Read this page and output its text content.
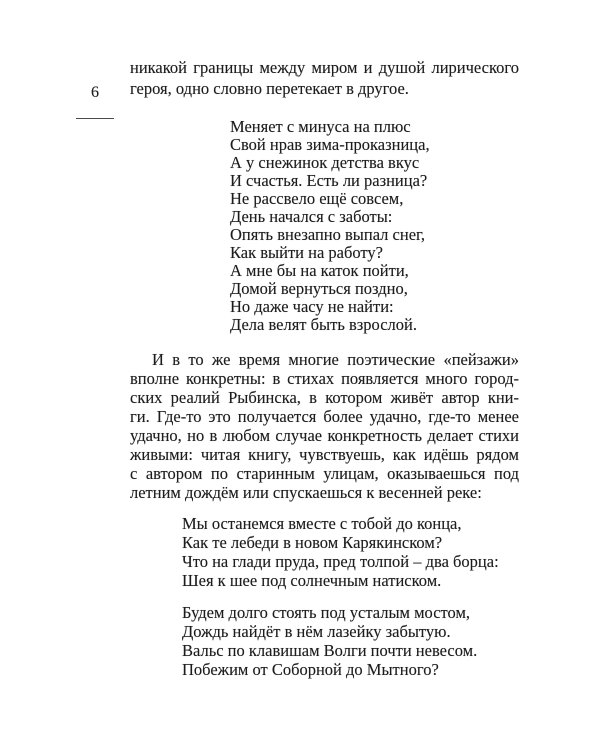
6
никакой границы между миром и душой лирического
героя, одно словно перетекает в другое.
Меняет с минуса на плюс
Свой нрав зима-проказница,
А у снежинок детства вкус
И счастья. Есть ли разница?
Не рассвело ещё совсем,
День начался с заботы:
Опять внезапно выпал снег,
Как выйти на работу?
А мне бы на каток пойти,
Домой вернуться поздно,
Но даже часу не найти:
Дела велят быть взрослой.
И в то же время многие поэтические «пейзажи»
вполне конкретны: в стихах появляется много город-
ских реалий Рыбинска, в котором живёт автор кни-
ги. Где-то это получается более удачно, где-то менее
удачно, но в любом случае конкретность делает стихи
живыми: читая книгу, чувствуешь, как идёшь рядом
с автором по старинным улицам, оказываешься под
летним дождём или спускаешься к весенней реке:
Мы останемся вместе с тобой до конца,
Как те лебеди в новом Карякинском?
Что на глади пруда, пред толпой – два борца:
Шея к шее под солнечным натиском.
Будем долго стоять под усталым мостом,
Дождь найдёт в нём лазейку забытую.
Вальс по клавишам Волги почти невесом.
Побежим от Соборной до Мытного?
